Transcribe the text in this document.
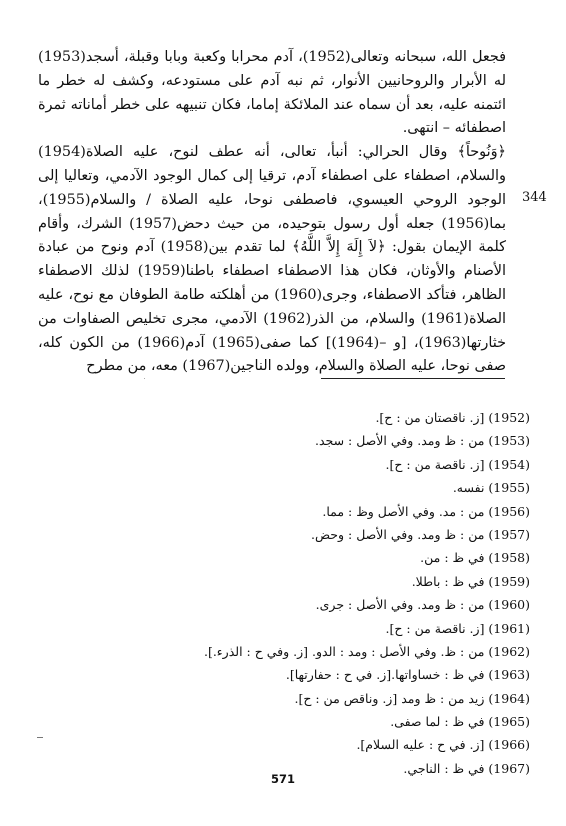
فجعل الله، سبحانه وتعالى(1952)، آدم محرابا وكعبة وبابا وقبلة، أسجد(1953) له الأبرار والروحانيين الأنوار، ثم نبه آدم على مستودعه، وكشف له خطر ما ائتمنه عليه، بعد أن سماه عند الملائكة إماما، فكان تنبيهه على خطر أماناته ثمرة اصطفائه – انتهى.

﴿وَنُوحاً﴾ وقال الحرالي: أنبأ، تعالى، أنه عطف لنوح، عليه الصلاة(1954) والسلام، اصطفاء على اصطفاء آدم، ترقيا إلى كمال الوجود الآدمي، وتعاليا إلى الوجود الروحي العيسوي، فاصطفى نوحا، عليه الصلاة / والسلام(1955)، بما(1956) جعله أول رسول بتوحيده، من حيث دحض(1957) الشرك، وأقام كلمة الإيمان بقول: ﴿لاَ إِلَهَ إِلاَّ اللَّهُ﴾ لما تقدم بين(1958) آدم ونوح من عبادة الأصنام والأوثان، فكان هذا الاصطفاء اصطفاء باطنا(1959) لذلك الاصطفاء الظاهر، فتأكد الاصطفاء، وجرى(1960) من أهلكته طامة الطوفان مع نوح، عليه الصلاة(1961) والسلام، من الذر(1962) الآدمي، مجرى تخليص الصفاوات من خثارتها(1963)، [و –(1964)] كما صفى(1965) آدم(1966) من الكون كله، صفى نوحا، عليه الصلاة والسلام، وولده الناجين(1967) معه، من مطرح

344
(1952) [ز. ناقصتان من : ح].
(1953) من : ظ ومد. وفي الأصل : سجد.
(1954) [ز. ناقصة من : ح].
(1955) نفسه.
(1956) من : مد. وفي الأصل وظ : مما.
(1957) من : ظ ومد. وفي الأصل : وحض.
(1958) في ظ : من.
(1959) في ظ : باطلا.
(1960) من : ظ ومد. وفي الأصل : جرى.
(1961) [ز. ناقصة من : ح].
(1962) من : ظ. وفي الأصل : ومد : الدو. [ز. وفي ح : الذرء.].
(1963) في ظ : خساواتها.[ز. في ح : حفارتها].
(1964) زيد من : ظ ومد [ز. وناقص من : ح].
(1965) في ظ : لما صفى.
(1966) [ز. في ح : عليه السلام].
(1967) في ظ : الناجي.
571
